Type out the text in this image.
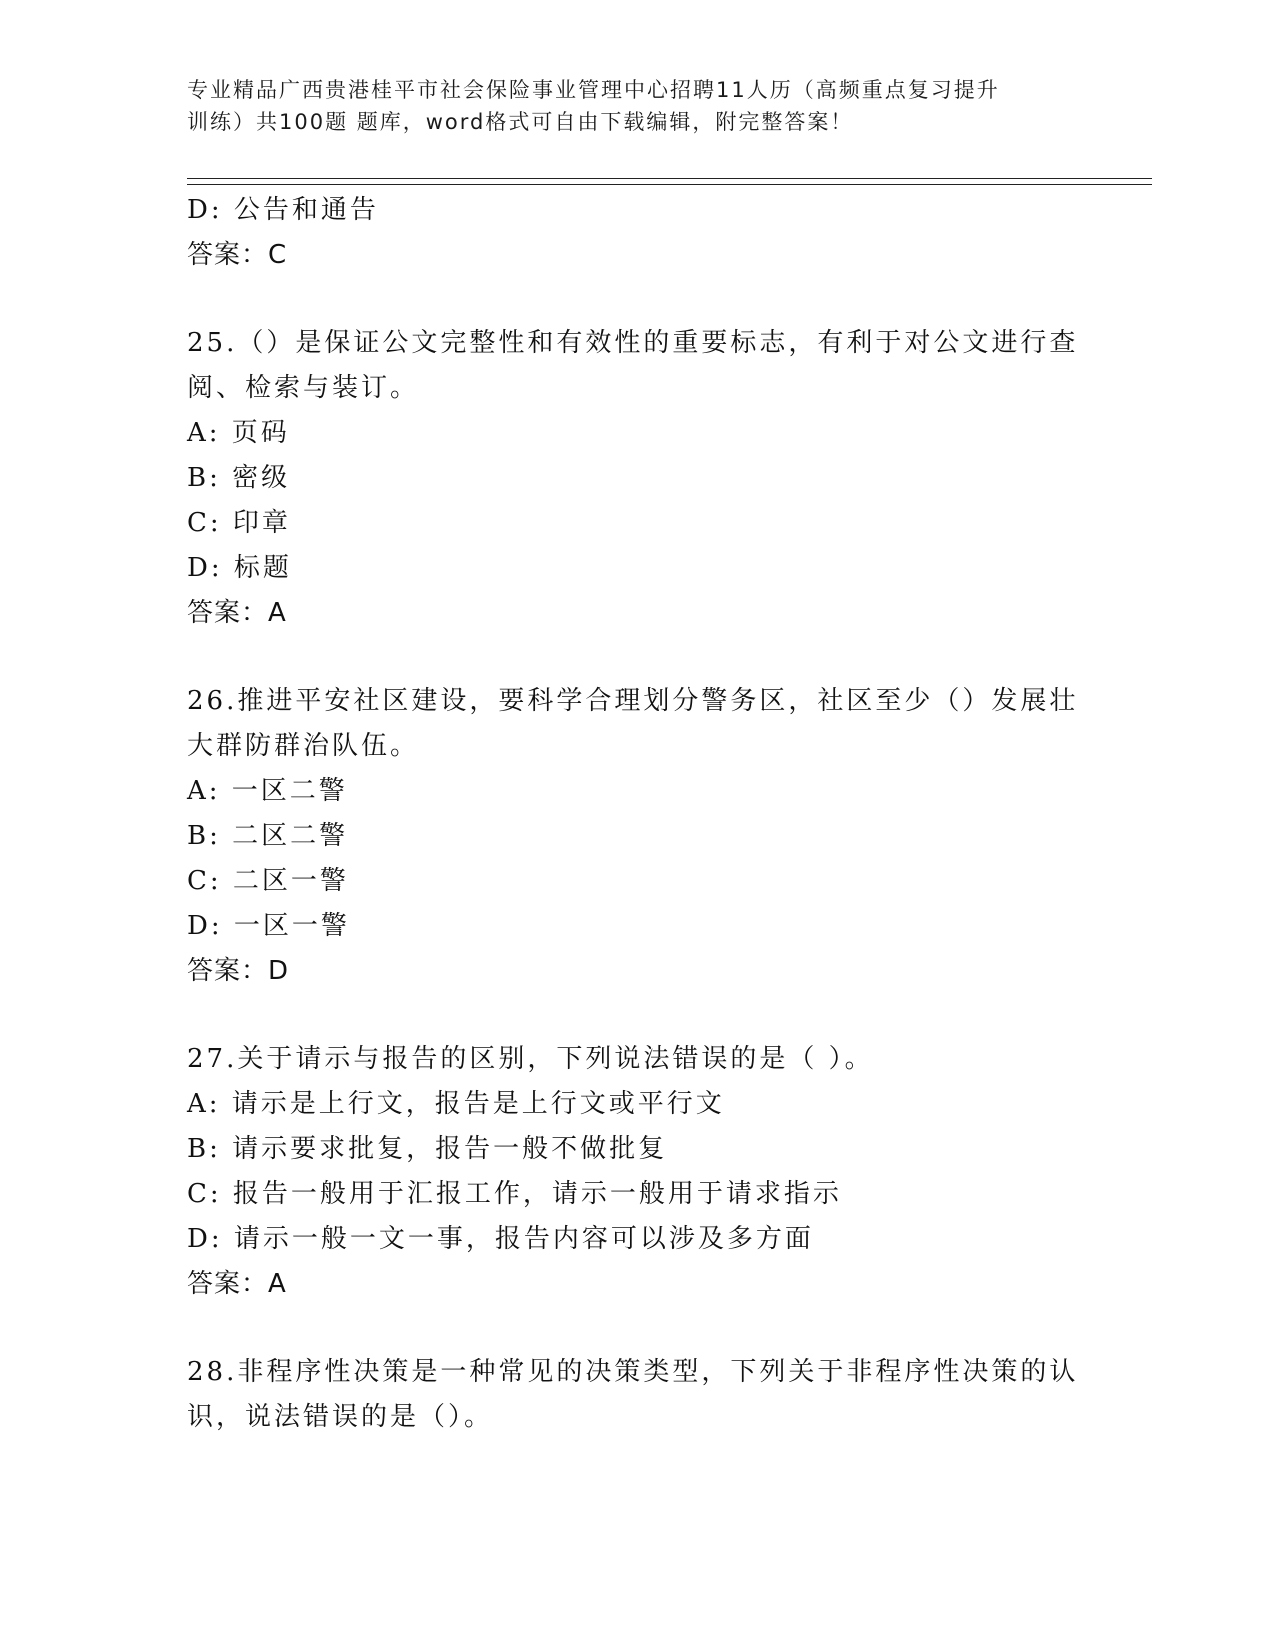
专业精品广西贵港桂平市社会保险事业管理中心招聘11人历（高频重点复习提升
训练）共100题 题库，word格式可自由下载编辑，附完整答案！
D: 公告和通告
答案：C
25.（）是保证公文完整性和有效性的重要标志，有利于对公文进行查
阅、检索与装订。
A: 页码
B: 密级
C: 印章
D: 标题
答案：A
26.推进平安社区建设，要科学合理划分警务区，社区至少（）发展壮
大群防群治队伍。
A: 一区二警
B: 二区二警
C: 二区一警
D: 一区一警
答案：D
27.关于请示与报告的区别，下列说法错误的是（ ）。
A: 请示是上行文，报告是上行文或平行文
B: 请示要求批复，报告一般不做批复
C: 报告一般用于汇报工作，请示一般用于请求指示
D: 请示一般一文一事，报告内容可以涉及多方面
答案：A
28.非程序性决策是一种常见的决策类型，下列关于非程序性决策的认
识，说法错误的是（）。
